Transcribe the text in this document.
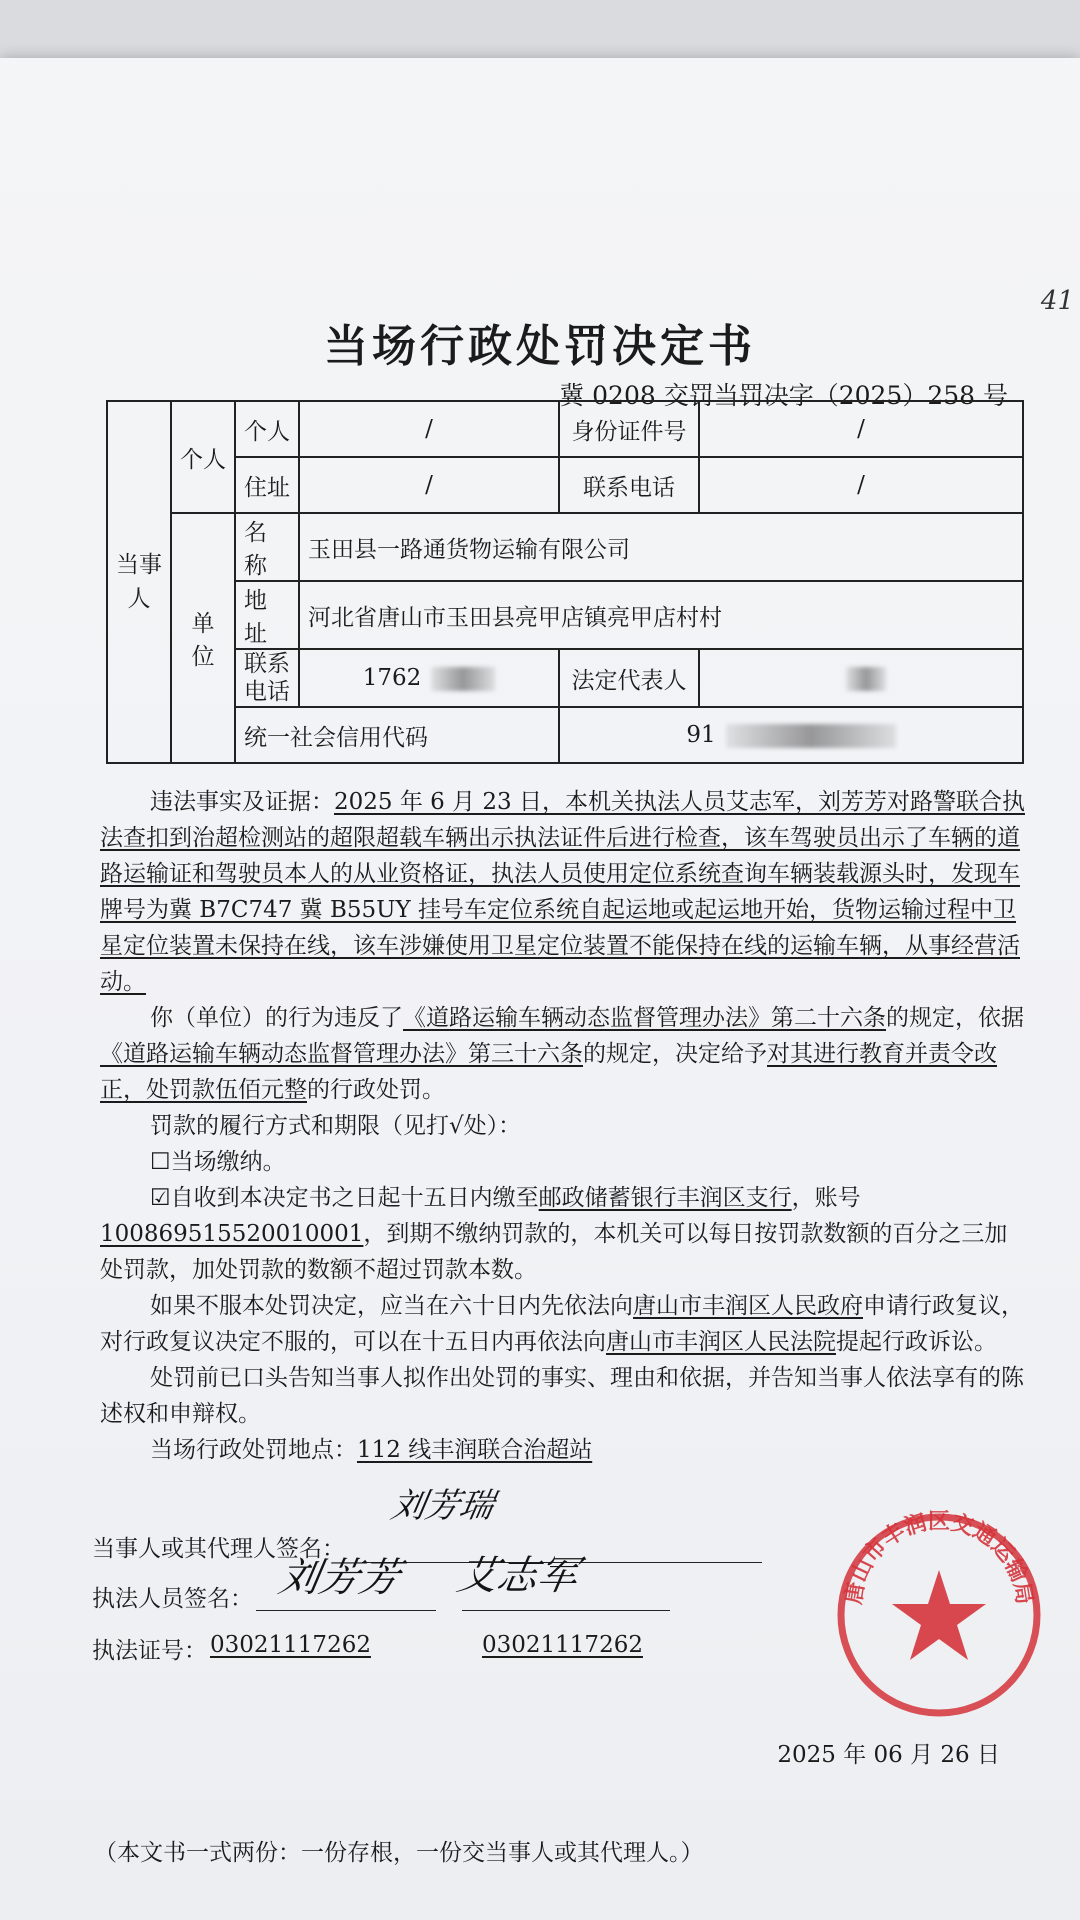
41
当场行政处罚决定书
冀 0208 交罚当罚决字（2025）258 号
当事人	个人	个人	/	身份证件号	/
		住址	/	联系电话	/
	单 位	名 称	玉田县一路通货物运输有限公司		
		地 址	河北省唐山市玉田县亮甲店镇亮甲店村村		
		联系电话	1762	法定代表人	
		统一社会信用代码		91	

违法事实及证据：2025 年 6 月 23 日，本机关执法人员艾志军，刘芳芳对路警联合执法查扣到治超检测站的超限超载车辆出示执法证件后进行检查，该车驾驶员出示了车辆的道路运输证和驾驶员本人的从业资格证，执法人员使用定位系统查询车辆装载源头时，发现车牌号为冀 B7C747 冀 B55UY 挂号车定位系统自起运地或起运地开始，货物运输过程中卫星定位装置未保持在线，该车涉嫌使用卫星定位装置不能保持在线的运输车辆，从事经营活动。

你（单位）的行为违反了《道路运输车辆动态监督管理办法》第二十六条的规定，依据《道路运输车辆动态监督管理办法》第三十六条的规定，决定给予对其进行教育并责令改正，处罚款伍佰元整的行政处罚。

罚款的履行方式和期限（见打√处）：

☐当场缴纳。

☑自收到本决定书之日起十五日内缴至邮政储蓄银行丰润区支行，账号100869515520010001，到期不缴纳罚款的，本机关可以每日按罚款数额的百分之三加处罚款，加处罚款的数额不超过罚款本数。

如果不服本处罚决定，应当在六十日内先依法向唐山市丰润区人民政府申请行政复议，对行政复议决定不服的，可以在十五日内再依法向唐山市丰润区人民法院提起行政诉讼。

处罚前已口头告知当事人拟作出处罚的事实、理由和依据，并告知当事人依法享有的陈述权和申辩权。

当场行政处罚地点：112 线丰润联合治超站

刘芳瑞
当事人或其代理人签名：
执法人员签名： 刘芳芳 艾志军
执法证号： 03021117262	03021117262
唐山市丰润区交通运输局
2025 年 06 月 26 日
（本文书一式两份：一份存根，一份交当事人或其代理人。）
